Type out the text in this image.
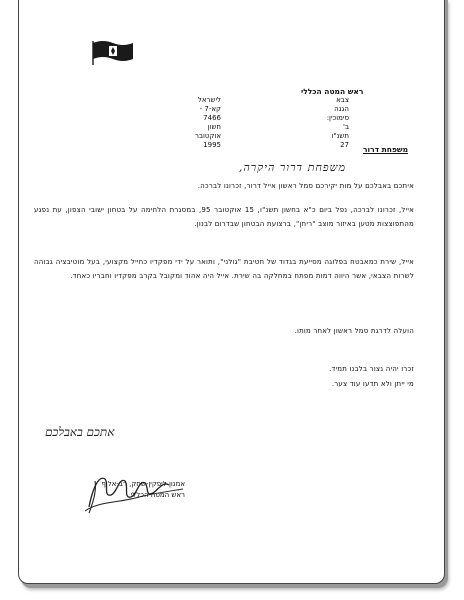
ראש המטה הכללי
צבא
הגנה
סימוכין:
ב'
תשנ"ו
27
לישראל
קא-7 -
7466
חשון
אוקטובר
1995	משפחת דרור
משפחת דרור היקרה,
איתכם באבלכם על מות יקירכם סמל ראשון אייל דרור, זכרונו לברכה.
אייל, זכרונו לברכה, נפל ביום כ"א בחשון תשנ"ו, 15 אוקטובר 95, במסגרת הלחימה על בטחון ישובי הצפון, עת נפגע מהתפוצצות מטען באיזור מוצב "ריחן", ברצועת הבטחון שבדרום לבנון.
אייל, שירת כמאבטח בפלוגה מסייעת בגדוד של חטיבת "גולני", ותואר על ידי מפקדיו כחייל מקצועי, בעל מוטיבציה גבוהה לשרות הצבאי, אשר היווה דמות מפתח במחלקה בה שירת. אייל היה אהוד ומקובל בקרב מפקדיו וחבריו כאחד.
הועלה לדרגת סמל ראשון לאחר מותו.
זכרו יהיה נצור בלבנו תמיד.
מי ייתן ולא תדעו עוד צער.
אתכם באבלכם
אמנון ליפקין-שחק, רב-אלוף
ראש המטה הכללי
